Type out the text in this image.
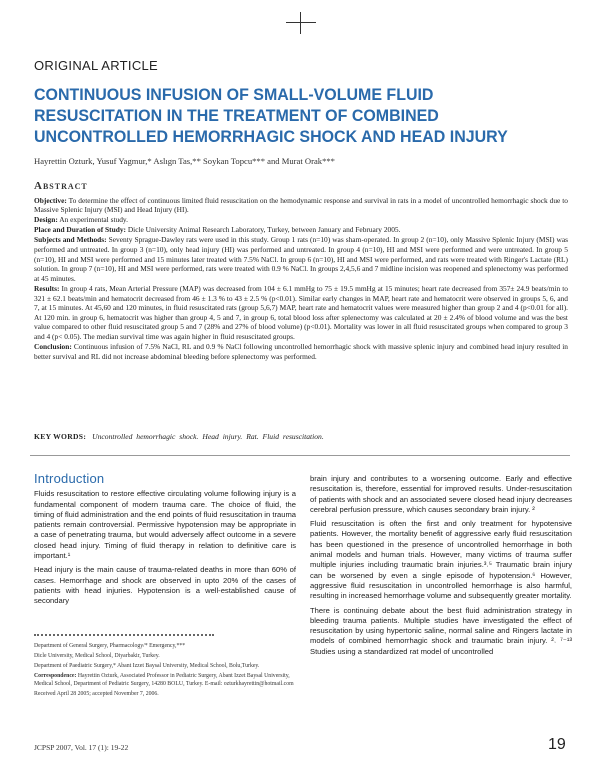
ORIGINAL ARTICLE
CONTINUOUS INFUSION OF SMALL-VOLUME FLUID
RESUSCITATION IN THE TREATMENT OF COMBINED
UNCONTROLLED HEMORRHAGIC SHOCK AND HEAD INJURY
Hayrettin Ozturk, Yusuf Yagmur,* Aslıgn Tas,** Soykan Topcu*** and Murat Orak***
Abstract

Objective: To determine the effect of continuous limited fluid resuscitation on the hemodynamic response and survival in rats in a model of uncontrolled hemorrhagic shock due to Massive Splenic Injury (MSI) and Head Injury (HI).

Design: An experimental study.

Place and Duration of Study: Dicle University Animal Research Laboratory, Turkey, between January and February 2005.

Subjects and Methods: Seventy Sprague-Dawley rats were used in this study. Group 1 rats (n=10) was sham-operated. In group 2 (n=10), only Massive Splenic Injury (MSI) was performed and untreated. In group 3 (n=10), only head injury (HI) was performed and untreated. In group 4 (n=10), HI and MSI were performed and were untreated. In group 5 (n=10), HI and MSI were performed and 15 minutes later treated with 7.5% NaCl. In group 6 (n=10), HI and MSI were performed, and rats were treated with Ringer's Lactate (RL) solution. In group 7 (n=10), HI and MSI were performed, rats were treated with 0.9 % NaCl. In groups 2,4,5,6 and 7 midline incision was reopened and splenectomy was performed at 45 minutes.

Results: In group 4 rats, Mean Arterial Pressure (MAP) was decreased from 104 ± 6.1 mmHg to 75 ± 19.5 mmHg at 15 minutes; heart rate decreased from 357± 24.9 beats/min to 321 ± 62.1 beats/min and hematocrit decreased from 46 ± 1.3 % to 43 ± 2.5 % (p<0.01). Similar early changes in MAP, heart rate and hematocrit were observed in groups 5, 6, and 7, at 15 minutes. At 45,60 and 120 minutes, in fluid resuscitated rats (group 5,6,7) MAP, heart rate and hematocrit values were measured higher than group 2 and 4 (p<0.01 for all). At 120 min. in group 6, hematocrit was higher than group 4, 5 and 7, in group 6, total blood loss after splenectomy was calculated at 20 ± 2.4% of blood volume and was the best value compared to other fluid resuscitated group 5 and 7 (28% and 27% of blood volume) (p<0.01). Mortality was lower in all fluid resuscitated groups when compared to group 3 and 4 (p< 0.05). The median survival time was again higher in fluid resuscitated groups.

Conclusion: Continuous infusion of 7.5% NaCl, RL and 0.9 % NaCl following uncontrolled hemorrhagic shock with massive splenic injury and combined head injury resulted in better survival and RL did not increase abdominal bleeding before splenectomy was performed.

KEY WORDS: Uncontrolled hemorrhagic shock. Head injury. Rat. Fluid resuscitation.
Introduction

Fluids resuscitation to restore effective circulating volume following injury is a fundamental component of modern trauma care. The choice of fluid, the timing of fluid administration and the end points of fluid resuscitation in trauma patients remain controversial. Permissive hypotension may be appropriate in a case of penetrating trauma, but would adversely affect outcome in a severe closed head injury. Timing of fluid therapy in relation to definitive care is important.¹

Head injury is the main cause of trauma-related deaths in more than 60% of cases. Hemorrhage and shock are observed in upto 20% of the cases of patients with head injuries. Hypotension is a well-established cause of secondary

brain injury and contributes to a worsening outcome. Early and effective resuscitation is, therefore, essential for improved results. Under-resuscitation of patients with shock and an associated severe closed head injury decreases cerebral perfusion pressure, which causes secondary brain injury. ²

Fluid resuscitation is often the first and only treatment for hypotensive patients. However, the mortality benefit of aggressive early fluid resuscitation has been questioned in the presence of uncontrolled hemorrhage in both animal models and human trials. However, many victims of trauma suffer multiple injuries including traumatic brain injuries.³˒⁵ Traumatic brain injury can be worsened by even a single episode of hypotension.⁶ However, aggressive fluid resuscitation in uncontrolled hemorrhage is also harmful, resulting in increased hemorrhage volume and subsequently greater mortality.

There is continuing debate about the best fluid administration strategy in bleeding trauma patients. Multiple studies have investigated the effect of resuscitation by using hypertonic saline, normal saline and Ringers lactate in models of combined hemorrhagic shock and traumatic brain injury. ²˒ ⁷⁻¹³ Studies using a standardized rat model of uncontrolled

Department of General Surgery, Pharmacology/* Emergency,***

Dicle University, Medical School, Diyarbakir, Turkey.

Department of Paediatric Surgery,* Abant Izzet Baysal University, Medical School, Bolu,Turkey.

Correspondence: Hayrettin Ozturk, Associated Professor in Pediatric Surgery, Abant Izzet Baysal University, Medical School, Department of Pediatric Surgery, 14280 BOLU, Turkey. E-mail: ozturkhayrettin@hotmail.com

Received April 28 2005; accepted November 7, 2006.

JCPSP 2007, Vol. 17 (1): 19-22	19
